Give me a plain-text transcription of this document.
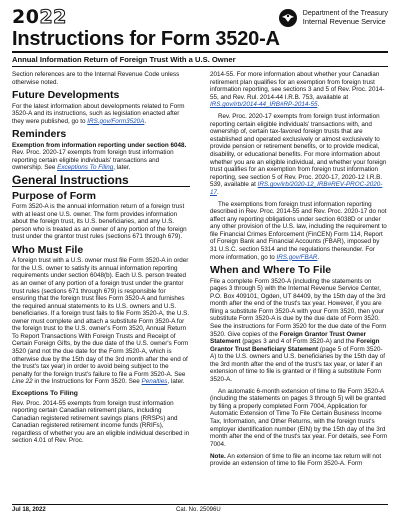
2022	Department of the Treasury
Internal Revenue Service
Instructions for Form 3520-A
Annual Information Return of Foreign Trust With a U.S. Owner

Section references are to the Internal Revenue Code unless otherwise noted.

Future Developments

For the latest information about developments related to Form 3520-A and its instructions, such as legislation enacted after they were published, go to IRS.gov/Form3520A.

Reminders

Exemption from information reporting under section 6048. Rev. Proc. 2020-17 exempts from foreign trust information reporting certain eligible individuals' transactions and ownership. See Exceptions To Filing, later.

General Instructions
Purpose of Form

Form 3520-A is the annual information return of a foreign trust with at least one U.S. owner. The form provides information about the foreign trust, its U.S. beneficiaries, and any U.S. person who is treated as an owner of any portion of the foreign trust under the grantor trust rules (sections 671 through 679).

Who Must File

A foreign trust with a U.S. owner must file Form 3520-A in order for the U.S. owner to satisfy its annual information reporting requirements under section 6048(b). Each U.S. person treated as an owner of any portion of a foreign trust under the grantor trust rules (sections 671 through 679) is responsible for ensuring that the foreign trust files Form 3520-A and furnishes the required annual statements to its U.S. owners and U.S. beneficiaries. If a foreign trust fails to file Form 3520-A, the U.S. owner must complete and attach a substitute Form 3520-A for the foreign trust to the U.S. owner's Form 3520, Annual Return To Report Transactions With Foreign Trusts and Receipt of Certain Foreign Gifts, by the due date of the U.S. owner's Form 3520 (and not the due date for the Form 3520-A, which is otherwise due by the 15th day of the 3rd month after the end of the trust's tax year) in order to avoid being subject to the penalty for the foreign trust's failure to file a Form 3520-A. See Line 22 in the Instructions for Form 3520. See Penalties, later.

Exceptions To Filing

Rev. Proc. 2014-55 exempts from foreign trust information reporting certain Canadian retirement plans, including Canadian registered retirement savings plans (RRSPs) and Canadian registered retirement income funds (RRIFs), regardless of whether you are an eligible individual described in section 4.01 of Rev. Proc.

2014-55. For more information about whether your Canadian retirement plan qualifies for an exemption from foreign trust information reporting, see sections 3 and 5 of Rev. Proc. 2014-55, and Rev. Rul. 2014-44 I.R.B. 753, available at IRS.gov/irb/2014-44_IRB#RP-2014-55.

Rev. Proc. 2020-17 exempts from foreign trust information reporting certain eligible individuals' transactions with, and ownership of, certain tax-favored foreign trusts that are established and operated exclusively or almost exclusively to provide pension or retirement benefits, or to provide medical, disability, or educational benefits. For more information about whether you are an eligible individual, and whether your foreign trust qualifies for an exemption from foreign trust information reporting, see section 5 of Rev. Proc. 2020-17, 2020-12 I.R.B. 539, available at IRS.gov/irb/2020-12_IRB#REV-PROC-2020-17.

The exemptions from foreign trust information reporting described in Rev. Proc. 2014-55 and Rev. Proc. 2020-17 do not affect any reporting obligations under section 6038D or under any other provision of the U.S. law, including the requirement to file Financial Crimes Enforcement (FinCEN) Form 114, Report of Foreign Bank and Financial Accounts (FBAR), imposed by 31 U.S.C. section 5314 and the regulations thereunder. For more information, go to IRS.gov/FBAR.

When and Where To File

File a complete Form 3520-A (including the statements on pages 3 through 5) with the Internal Revenue Service Center, P.O. Box 409101, Ogden, UT 84409, by the 15th day of the 3rd month after the end of the trust's tax year. However, if you are filing a substitute Form 3520-A with your Form 3520, then your substitute Form 3520-A is due by the due date of Form 3520. See the instructions for Form 3520 for the due date of the Form 3520. Give copies of the Foreign Grantor Trust Owner Statement (pages 3 and 4 of Form 3520-A) and the Foreign Grantor Trust Beneficiary Statement (page 5 of Form 3520-A) to the U.S. owners and U.S. beneficiaries by the 15th day of the 3rd month after the end of the trust's tax year, or later if an extension of time to file is granted or if filing a substitute Form 3520-A.

An automatic 6-month extension of time to file Form 3520-A (including the statements on pages 3 through 5) will be granted by filing a properly completed Form 7004, Application for Automatic Extension of Time To File Certain Business Income Tax, Information, and Other Returns, with the foreign trust's employer identification number (EIN) by the 15th day of the 3rd month after the end of the trust's tax year. For details, see Form 7004.

Note. An extension of time to file an income tax return will not provide an extension of time to file Form 3520-A. Form

Jul 18, 2022	Cat. No. 25096U
